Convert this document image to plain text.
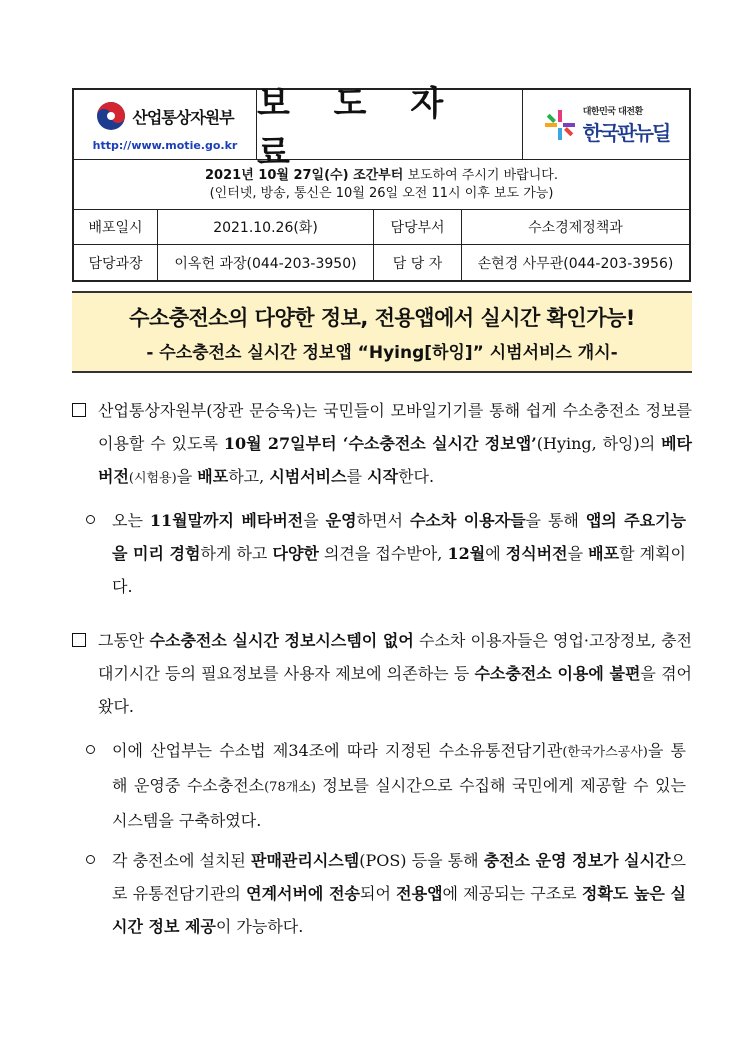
산업통상자원부
http://www.motie.go.kr
보 도 자 료
대한민국 대전환
한국판뉴딜
2021년 10월 27일(수) 조간부터 보도하여 주시기 바랍니다.
(인터넷, 방송, 통신은 10월 26일 오전 11시 이후 보도 가능)
배포일시	2021.10.26(화)	담당부서	수소경제정책과
담당과장	이옥헌 과장(044-203-3950)	담 당 자	손현경 사무관(044-203-3956)
수소충전소의 다양한 정보, 전용앱에서 실시간 확인가능!
- 수소충전소 실시간 정보앱 “Hying[하잉]” 시범서비스 개시-
산업통상자원부(장관 문승욱)는 국민들이 모바일기기를 통해 쉽게 수소충전소 정보를 이용할 수 있도록 10월 27일부터 ‘수소충전소 실시간 정보앱’(Hying, 하잉)의 베타버전(시험용)을 배포하고, 시범서비스를 시작한다.
오는 11월말까지 베타버전을 운영하면서 수소차 이용자들을 통해 앱의 주요기능을 미리 경험하게 하고 다양한 의견을 접수받아, 12월에 정식버전을 배포할 계획이다.
그동안 수소충전소 실시간 정보시스템이 없어 수소차 이용자들은 영업·고장정보, 충전 대기시간 등의 필요정보를 사용자 제보에 의존하는 등 수소충전소 이용에 불편을 겪어왔다.
이에 산업부는 수소법 제34조에 따라 지정된 수소유통전담기관(한국가스공사)을 통해 운영중 수소충전소(78개소) 정보를 실시간으로 수집해 국민에게 제공할 수 있는 시스템을 구축하였다.
각 충전소에 설치된 판매관리시스템(POS) 등을 통해 충전소 운영 정보가 실시간으로 유통전담기관의 연계서버에 전송되어 전용앱에 제공되는 구조로 정확도 높은 실시간 정보 제공이 가능하다.
